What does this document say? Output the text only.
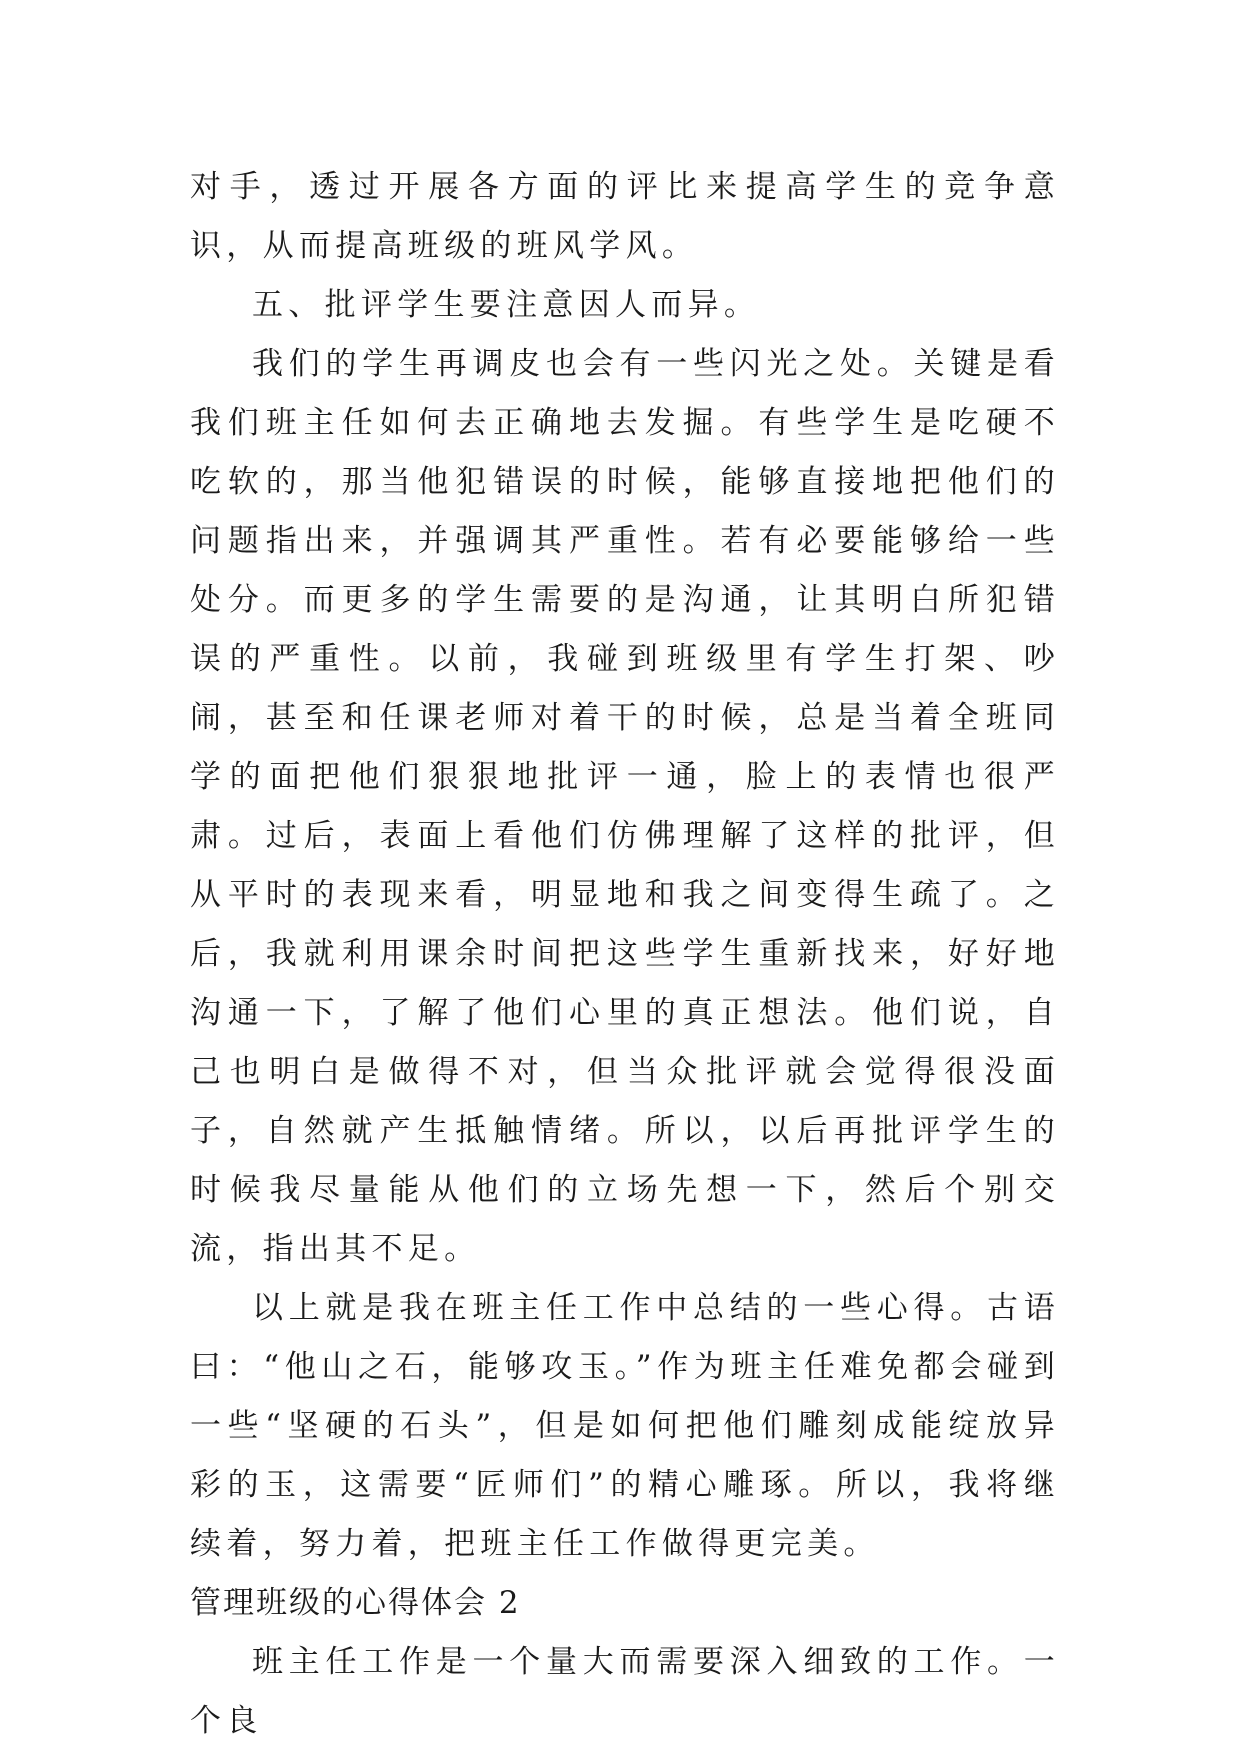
对手，透过开展各方面的评比来提高学生的竞争意识，从而提高班级的班风学风。

五、批评学生要注意因人而异。

我们的学生再调皮也会有一些闪光之处。关键是看我们班主任如何去正确地去发掘。有些学生是吃硬不吃软的，那当他犯错误的时候，能够直接地把他们的问题指出来，并强调其严重性。若有必要能够给一些处分。而更多的学生需要的是沟通，让其明白所犯错误的严重性。以前，我碰到班级里有学生打架、吵闹，甚至和任课老师对着干的时候，总是当着全班同学的面把他们狠狠地批评一通，脸上的表情也很严肃。过后，表面上看他们仿佛理解了这样的批评，但从平时的表现来看，明显地和我之间变得生疏了。之后，我就利用课余时间把这些学生重新找来，好好地沟通一下，了解了他们心里的真正想法。他们说，自己也明白是做得不对，但当众批评就会觉得很没面子，自然就产生抵触情绪。所以，以后再批评学生的时候我尽量能从他们的立场先想一下，然后个别交流，指出其不足。

以上就是我在班主任工作中总结的一些心得。古语曰：“他山之石，能够攻玉。”作为班主任难免都会碰到一些“坚硬的石头”，但是如何把他们雕刻成能绽放异彩的玉，这需要“匠师们”的精心雕琢。所以，我将继续着，努力着，把班主任工作做得更完美。

管理班级的心得体会 2

班主任工作是一个量大而需要深入细致的工作。一个良
